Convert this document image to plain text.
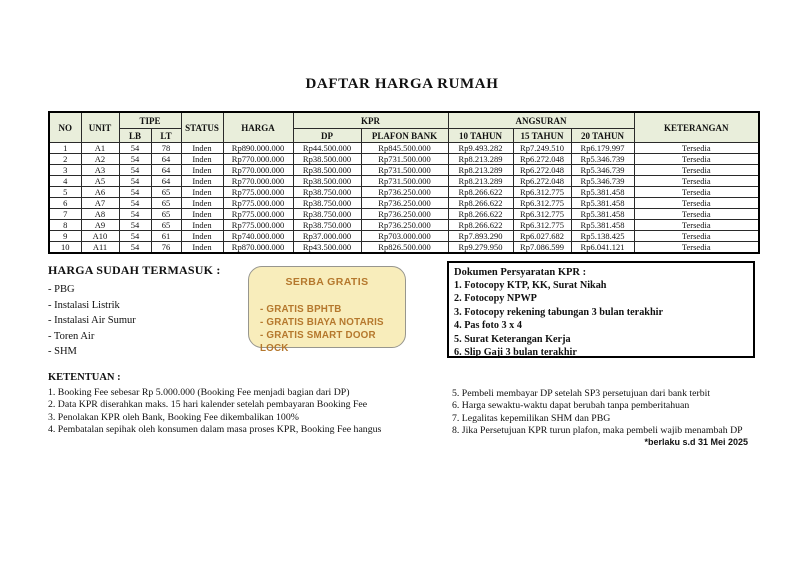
DAFTAR HARGA RUMAH
NO	UNIT	TIPE		STATUS	HARGA	KPR		ANGSURAN			KETERANGAN
		LB	LT			DP	PLAFON BANK	10 TAHUN	15 TAHUN	20 TAHUN	
1	A1	54	78	Inden	Rp890.000.000	Rp44.500.000	Rp845.500.000	Rp9.493.282	Rp7.249.510	Rp6.179.997	Tersedia
2	A2	54	64	Inden	Rp770.000.000	Rp38.500.000	Rp731.500.000	Rp8.213.289	Rp6.272.048	Rp5.346.739	Tersedia
3	A3	54	64	Inden	Rp770.000.000	Rp38.500.000	Rp731.500.000	Rp8.213.289	Rp6.272.048	Rp5.346.739	Tersedia
4	A5	54	64	Inden	Rp770.000.000	Rp38.500.000	Rp731.500.000	Rp8.213.289	Rp6.272.048	Rp5.346.739	Tersedia
5	A6	54	65	Inden	Rp775.000.000	Rp38.750.000	Rp736.250.000	Rp8.266.622	Rp6.312.775	Rp5.381.458	Tersedia
6	A7	54	65	Inden	Rp775.000.000	Rp38.750.000	Rp736.250.000	Rp8.266.622	Rp6.312.775	Rp5.381.458	Tersedia
7	A8	54	65	Inden	Rp775.000.000	Rp38.750.000	Rp736.250.000	Rp8.266.622	Rp6.312.775	Rp5.381.458	Tersedia
8	A9	54	65	Inden	Rp775.000.000	Rp38.750.000	Rp736.250.000	Rp8.266.622	Rp6.312.775	Rp5.381.458	Tersedia
9	A10	54	61	Inden	Rp740.000.000	Rp37.000.000	Rp703.000.000	Rp7.893.290	Rp6.027.682	Rp5.138.425	Tersedia
10	A11	54	76	Inden	Rp870.000.000	Rp43.500.000	Rp826.500.000	Rp9.279.950	Rp7.086.599	Rp6.041.121	Tersedia
HARGA SUDAH TERMASUK :
- PBG
- Instalasi Listrik
- Instalasi Air Sumur
- Toren Air
- SHM
SERBA GRATIS
- GRATIS BPHTB
- GRATIS BIAYA NOTARIS
- GRATIS SMART DOOR LOCK
Dokumen Persyaratan KPR :
1. Fotocopy KTP, KK, Surat Nikah
2. Fotocopy NPWP
3. Fotocopy rekening tabungan 3 bulan terakhir
4. Pas foto 3 x 4
5. Surat Keterangan Kerja
6. Slip Gaji 3 bulan terakhir
KETENTUAN :
1. Booking Fee sebesar Rp 5.000.000 (Booking Fee menjadi bagian dari DP)
2. Data KPR diserahkan maks. 15 hari kalender setelah pembayaran Booking Fee
3. Penolakan KPR oleh Bank, Booking Fee dikembalikan 100%
4. Pembatalan sepihak oleh konsumen dalam masa proses KPR, Booking Fee hangus
5. Pembeli membayar DP setelah SP3 persetujuan dari bank terbit
6. Harga sewaktu-waktu dapat berubah tanpa pemberitahuan
7. Legalitas kepemilikan SHM dan PBG
8. Jika Persetujuan KPR turun plafon, maka pembeli wajib menambah DP
*berlaku s.d 31 Mei 2025
